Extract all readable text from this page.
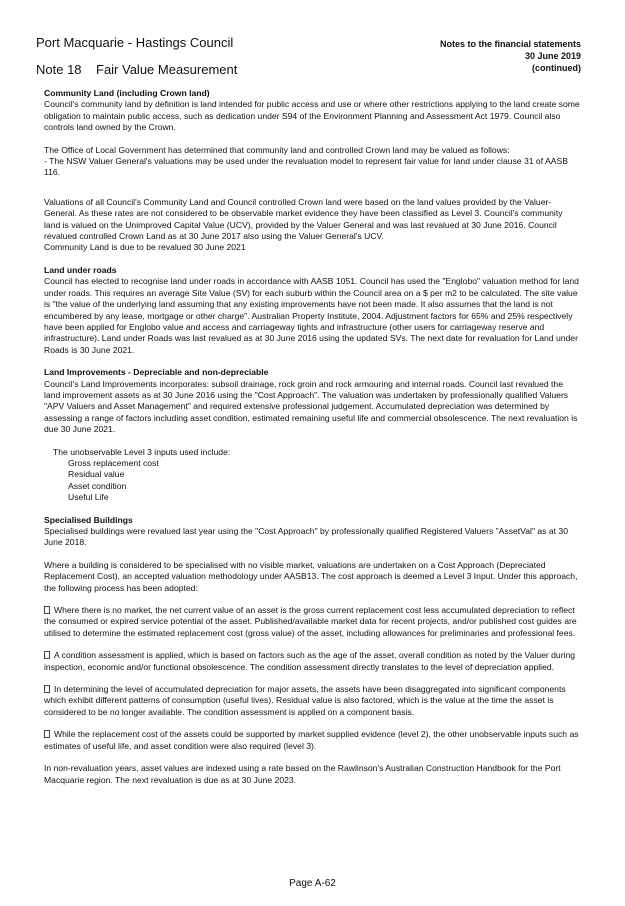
Port Macquarie - Hastings Council
Note 18 Fair Value Measurement
Notes to the financial statements
30 June 2019
(continued)

Community Land (including Crown land)

Council's community land by definition is land intended for public access and use or where other restrictions applying to the land create some obligation to maintain public access, such as dedication under S94 of the Environment Planning and Assessment Act 1979. Council also controls land owned by the Crown.

The Office of Local Government has determined that community land and controlled Crown land may be valued as follows:

- The NSW Valuer General's valuations may be used under the revaluation model to represent fair value for land under clause 31 of AASB 116.

Valuations of all Council's Community Land and Council controlled Crown land were based on the land values provided by the Valuer-General. As these rates are not considered to be observable market evidence they have been classified as Level 3. Council's community land is valued on the Unimproved Capital Value (UCV), provided by the Valuer General and was last revalued at 30 June 2016. Council revalued controlled Crown Land as at 30 June 2017 also using the Valuer General's UCV.

Community Land is due to be revalued 30 June 2021

Land under roads

Council has elected to recognise land under roads in accordance with AASB 1051. Council has used the "Englobo" valuation method for land under roads. This requires an average Site Value (SV) for each suburb within the Council area on a $ per m2 to be calculated. The site value is "the value of the underlying land assuming that any existing improvements have not been made. It also assumes that the land is not encumbered by any lease, mortgage or other charge". Australian Property Institute, 2004. Adjustment factors for 65% and 25% respectively have been applied for Englobo value and access and carriageway tights and infrastructure (other users for carriageway reserve and infrastructure). Land under Roads was last revalued as at 30 June 2016 using the updated SVs. The next date for revaluation for Land under Roads is 30 June 2021.

Land Improvements - Depreciable and non-depreciable

Council's Land Improvements incorporates: subsoil drainage, rock groin and rock armouring and internal roads. Council last revalued the land improvement assets as at 30 June 2016 using the "Cost Approach". The valuation was undertaken by professionally qualified Valuers "APV Valuers and Asset Management" and required extensive professional judgement. Accumulated depreciation was determined by assessing a range of factors including asset condition, estimated remaining useful life and commercial obsolescence. The next revaluation is due 30 June 2021.

The unobservable Level 3 inputs used include:

Gross replacement cost
Residual value
Asset condition
Useful Life

Specialised Buildings

Specialised buildings were revalued last year using the "Cost Approach" by professionally qualified Registered Valuers "AssetVal" as at 30 June 2018.

Where a building is considered to be specialised with no visible market, valuations are undertaken on a Cost Approach (Depreciated Replacement Cost), an accepted valuation methodology under AASB13. The cost approach is deemed a Level 3 Input. Under this approach, the following process has been adopted:

Where there is no market, the net current value of an asset is the gross current replacement cost less accumulated depreciation to reflect the consumed or expired service potential of the asset. Published/available market data for recent projects, and/or published cost guides are utilised to determine the estimated replacement cost (gross value) of the asset, including allowances for preliminaries and professional fees.

A condition assessment is applied, which is based on factors such as the age of the asset, overall condition as noted by the Valuer during inspection, economic and/or functional obsolescence. The condition assessment directly translates to the level of depreciation applied.

In determining the level of accumulated depreciation for major assets, the assets have been disaggregated into significant components which exhibit different patterns of consumption (useful lives). Residual value is also factored, which is the value at the time the asset is considered to be no longer available. The condition assessment is applied on a component basis.

While the replacement cost of the assets could be supported by market supplied evidence (level 2), the other unobservable inputs such as estimates of useful life, and asset condition were also required (level 3).

In non-revaluation years, asset values are indexed using a rate based on the Rawlinson's Australian Construction Handbook for the Port Macquarie region. The next revaluation is due as at 30 June 2023.

Page A-62
